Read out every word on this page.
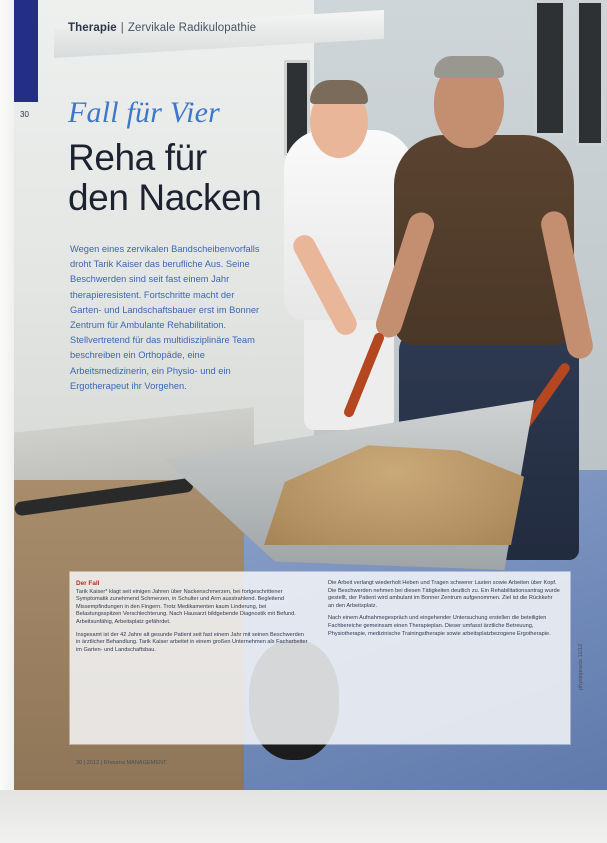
Therapie | Zervikale Radikulopathie
30 Fall für Vier
Reha für
den Nacken

Wegen eines zervikalen Bandscheibenvorfalls droht Tarik Kaiser das berufliche Aus. Seine Beschwerden sind seit fast einem Jahr therapieresistent. Fortschritte macht der Garten- und Landschaftsbauer erst im Bonner Zentrum für Ambulante Rehabilitation. Stellvertretend für das multidisziplinäre Team beschreiben ein Orthopäde, eine Arbeitsmedizinerin, ein Physio- und ein Ergotherapeut ihr Vorgehen.

Der Fall

Tarik Kaiser* klagt seit einigen Jahren über Nackenschmerzen, bei fortgeschrittener Symptomatik zunehmend Schmerzen, in Schulter und Arm ausstrahlend. Begleitend Missempfindungen in den Fingern. Trotz Medikamenten kaum Linderung, bei Belastungsspitzen Verschlechterung. Nach Hausarzt bildgebende Diagnostik mit Befund. Arbeitsunfähig, Arbeitsplatz gefährdet.

Insgesamt ist der 42 Jahre alt gesunde Patient seit fast einem Jahr mit seinen Beschwerden in ärztlicher Behandlung. Tarik Kaiser arbeitet in einem großen Unternehmen als Facharbeiter im Garten- und Landschaftsbau.

Die Arbeit verlangt wiederholt Heben und Tragen schwerer Lasten sowie Arbeiten über Kopf. Die Beschwerden nehmen bei diesen Tätigkeiten deutlich zu. Ein Rehabilitationsantrag wurde gestellt, der Patient wird ambulant im Bonner Zentrum aufgenommen. Ziel ist die Rückkehr an den Arbeitsplatz.

Nach einem Aufnahmegespräch und eingehender Untersuchung erstellen die beteiligten Fachbereiche gemeinsam einen Therapieplan. Dieser umfasst ärztliche Betreuung, Physiotherapie, medizinische Trainingstherapie sowie arbeitsplatzbezogene Ergotherapie.

30 | 2012 | Rheuma MANAGEMENT
physiopraxis 11/12
